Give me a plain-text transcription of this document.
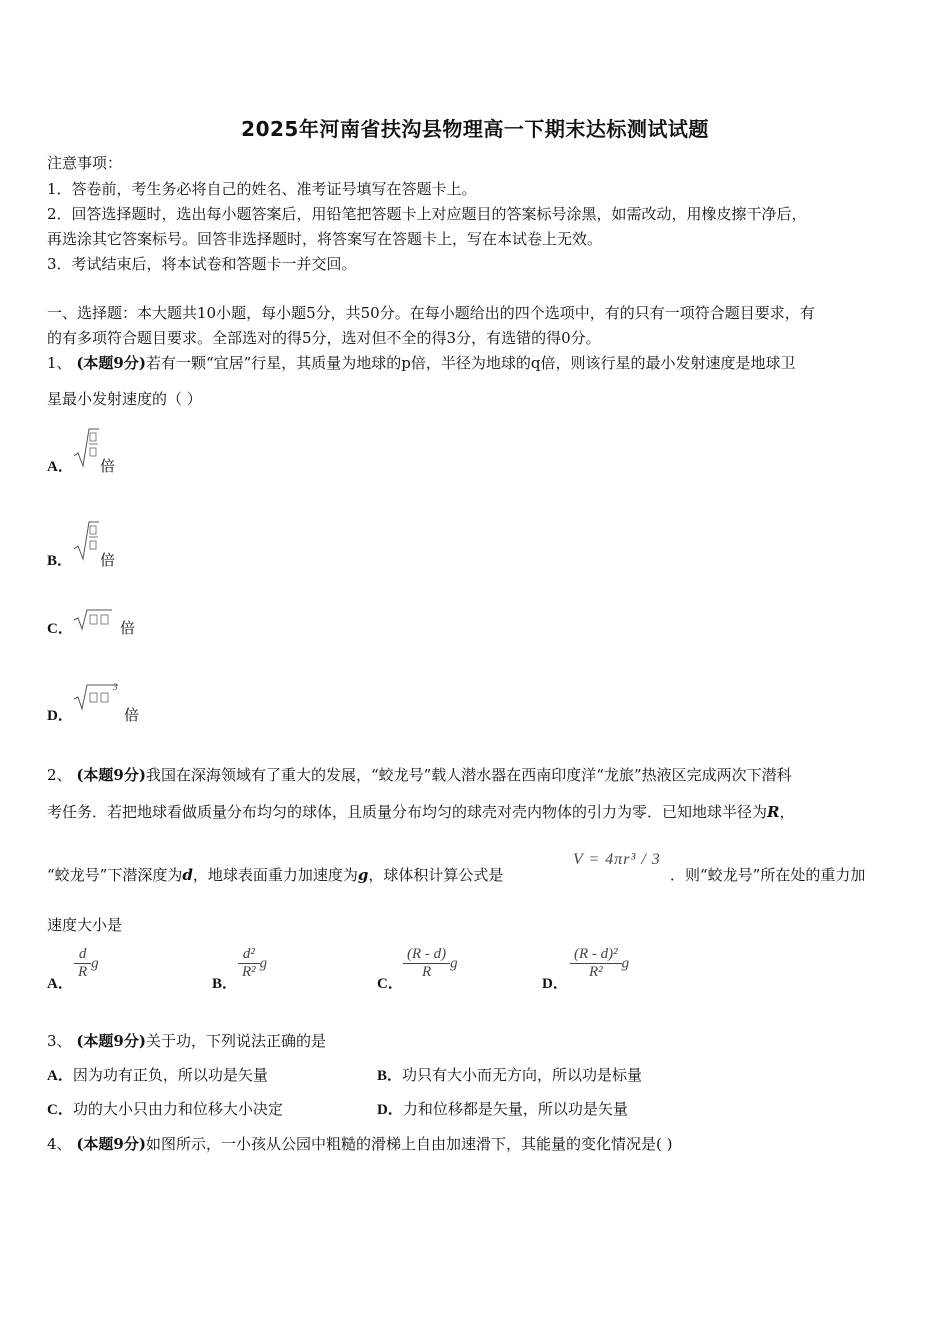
2025年河南省扶沟县物理高一下期末达标测试试题
注意事项：
1．答卷前，考生务必将自己的姓名、准考证号填写在答题卡上。
2．回答选择题时，选出每小题答案后，用铅笔把答题卡上对应题目的答案标号涂黑，如需改动，用橡皮擦干净后，
再选涂其它答案标号。回答非选择题时，将答案写在答题卡上，写在本试卷上无效。
3．考试结束后，将本试卷和答题卡一并交回。
一、选择题：本大题共10小题，每小题5分，共50分。在每小题给出的四个选项中，有的只有一项符合题目要求，有
的有多项符合题目要求。全部选对的得5分，选对但不全的得3分，有选错的得0分。
1、 (本题9分)若有一颗“宜居”行星，其质量为地球的p倍，半径为地球的q倍，则该行星的最小发射速度是地球卫
星最小发射速度的（ ）
A． 倍
B． 倍
C．	倍
D．
3
倍
2、 (本题9分)我国在深海领域有了重大的发展，“蛟龙号”载人潜水器在西南印度洋“龙旅”热液区完成两次下潜科
考任务．若把地球看做质量分布均匀的球体，且质量分布均匀的球壳对壳内物体的引力为零．已知地球半径为R，
“蛟龙号”下潜深度为d，地球表面重力加速度为g，球体积计算公式是
V = 4πr³ / 3
．则“蛟龙号”所在处的重力加
速度大小是
A．
$\frac{d}{R}$ g
B．
$\frac{\text{d²}}{\text{R²}}$ g
C．
$\frac{(R - d)}{R}$ g
D．
$\frac{\text{(R - d)²}}{\text{R²}}$ g
3、 (本题9分)关于功，下列说法正确的是
A．因为功有正负，所以功是矢量	B．功只有大小而无方向，所以功是标量
C．功的大小只由力和位移大小决定	D．力和位移都是矢量，所以功是矢量
4、 (本题9分)如图所示，一小孩从公园中粗糙的滑梯上自由加速滑下，其能量的变化情况是( )
